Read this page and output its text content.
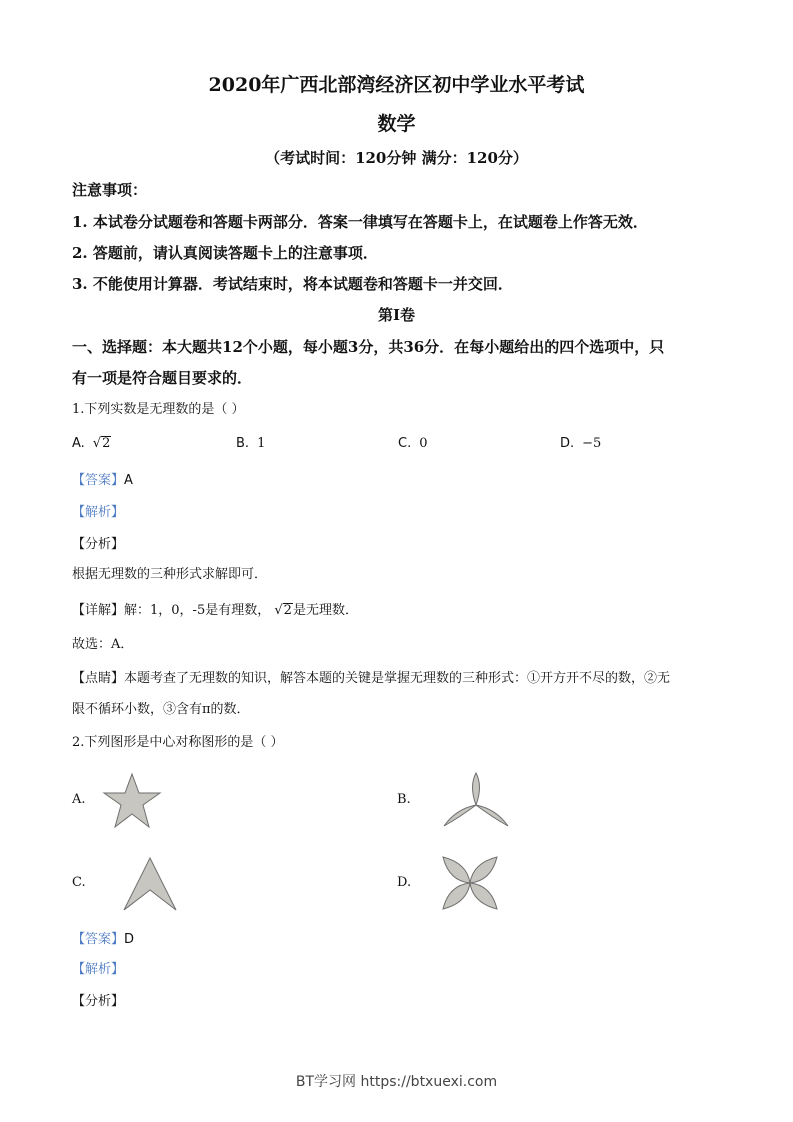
2020年广西北部湾经济区初中学业水平考试
数学
（考试时间：120分钟 满分：120分）
注意事项：
1. 本试卷分试题卷和答题卡两部分．答案一律填写在答题卡上，在试题卷上作答无效．
2. 答题前，请认真阅读答题卡上的注意事项．
3. 不能使用计算器．考试结束时，将本试题卷和答题卡一并交回．
第I卷
一、选择题：本大题共12个小题，每小题3分，共36分．在每小题给出的四个选项中，只
有一项是符合题目要求的．
1.下列实数是无理数的是（ ）
A. √2	B. 1	C. 0	D. −5
【答案】A
【解析】
【分析】
根据无理数的三种形式求解即可．
【详解】解：1，0，-5是有理数， √2是无理数．
故选：A．
【点睛】本题考查了无理数的知识，解答本题的关键是掌握无理数的三种形式：①开方开不尽的数，②无
限不循环小数，③含有π的数．
2.下列图形是中心对称图形的是（ ）
A.	B.
C.	D.
【答案】D
【解析】
【分析】
BT学习网 https://btxuexi.com
